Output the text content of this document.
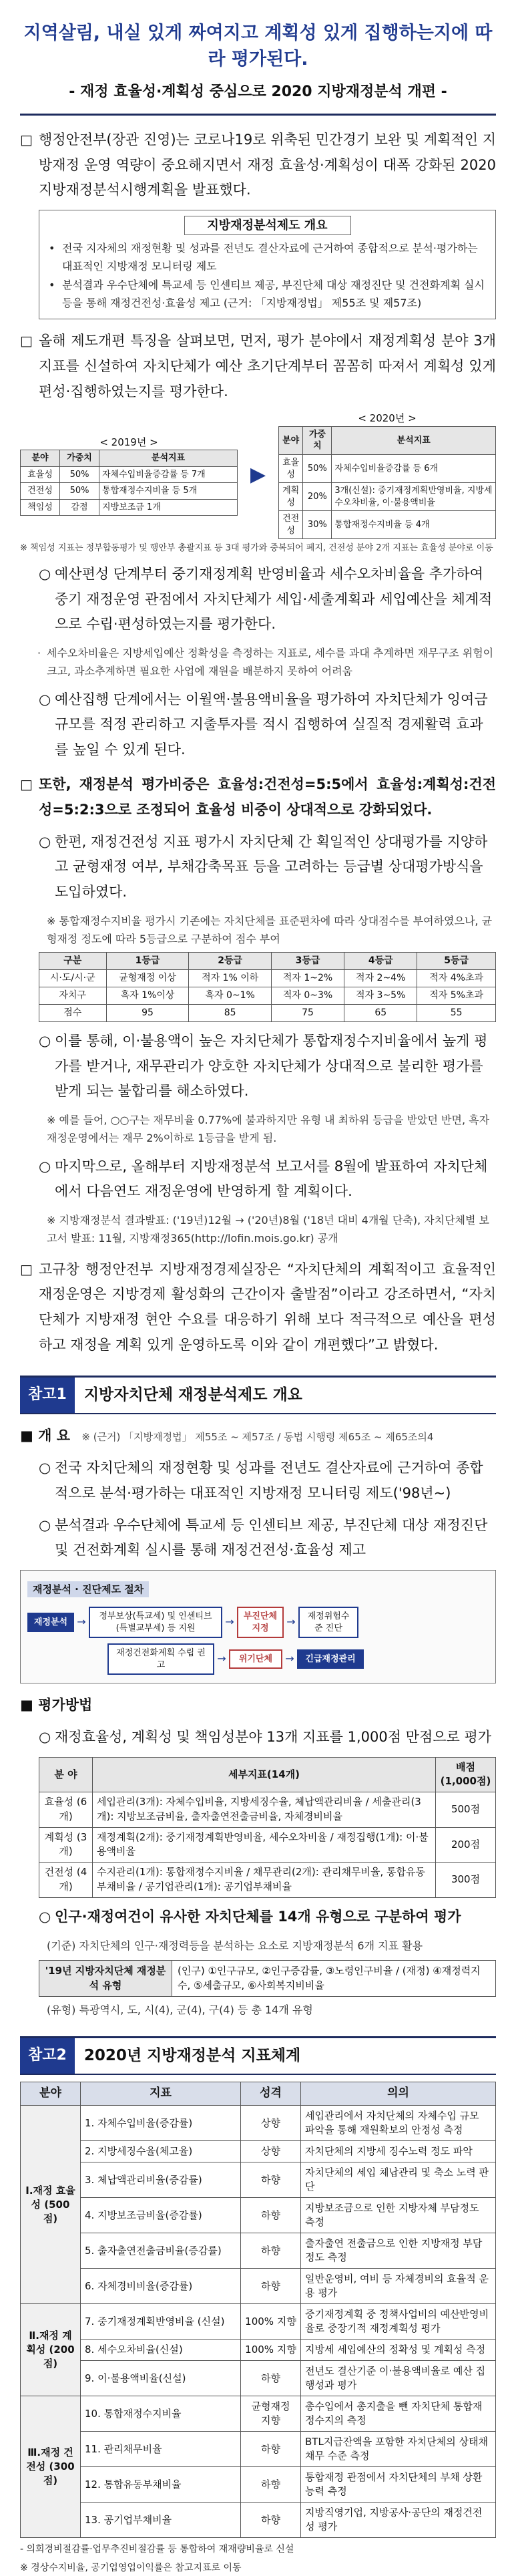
지역살림, 내실 있게 짜여지고 계획성 있게 집행하는지에 따라 평가된다.
- 재정 효율성·계획성 중심으로 2020 지방재정분석 개편 -
□ 행정안전부(장관 진영)는 코로나19로 위축된 민간경기 보완 및 계획적인 지방재정 운영 역량이 중요해지면서 재정 효율성·계획성이 대폭 강화된 2020 지방재정분석시행계획을 발표했다.
지방재정분석제도 개요
• 전국 지자체의 재정현황 및 성과를 전년도 결산자료에 근거하여 종합적으로 분석·평가하는 대표적인 지방재정 모니터링 제도
• 분석결과 우수단체에 특교세 등 인센티브 제공, 부진단체 대상 재정진단 및 건전화계획 실시 등을 통해 재정건전성·효율성 제고 (근거: 「지방재정법」 제55조 및 제57조)
□ 올해 제도개편 특징을 살펴보면, 먼저, 평가 분야에서 재정계획성 분야 3개 지표를 신설하여 자치단체가 예산 초기단계부터 꼼꼼히 따져서 계획성 있게 편성·집행하였는지를 평가한다.
< 2019년 >
분야	가중치	분석지표
효율성	50%	자체수입비율증감률 등 7개
건전성	50%	통합재정수지비율 등 5개
책임성	감점	지방보조금 1개
▶
< 2020년 >
분야	가중치	분석지표
효율성	50%	자체수입비율증감률 등 6개
계획성	20%	3개(신설): 중기재정계획반영비율, 지방세수오차비율, 이·불용액비율
건전성	30%	통합재정수지비율 등 4개
※ 책임성 지표는 정부합동평가 및 행안부 총괄지표 등 3대 평가와 중복되어 폐지, 건전성 분야 2개 지표는 효율성 분야로 이동
○ 예산편성 단계부터 중기재정계획 반영비율과 세수오차비율을 추가하여 중기 재정운영 관점에서 자치단체가 세입·세출계획과 세입예산을 체계적으로 수립·편성하였는지를 평가한다.
· 세수오차비율은 지방세입예산 정확성을 측정하는 지표로, 세수를 과대 추계하면 재무구조 위험이 크고, 과소추계하면 필요한 사업에 재원을 배분하지 못하여 어려움
○ 예산집행 단계에서는 이월액·불용액비율을 평가하여 자치단체가 잉여금 규모를 적정 관리하고 지출투자를 적시 집행하여 실질적 경제활력 효과를 높일 수 있게 된다.
□ 또한, 재정분석 평가비중은 효율성:건전성=5:5에서 효율성:계획성:건전성=5:2:3으로 조정되어 효율성 비중이 상대적으로 강화되었다.
○ 한편, 재정건전성 지표 평가시 자치단체 간 획일적인 상대평가를 지양하고 균형재정 여부, 부채감축목표 등을 고려하는 등급별 상대평가방식을 도입하였다.
※ 통합재정수지비율 평가시 기존에는 자치단체를 표준편차에 따라 상대점수를 부여하였으나, 균형재정 정도에 따라 5등급으로 구분하여 점수 부여
구분	1등급	2등급	3등급	4등급	5등급
시·도/시·군	균형재정 이상	적자 1% 이하	적자 1~2%	적자 2~4%	적자 4%초과
자치구	흑자 1%이상	흑자 0~1%	적자 0~3%	적자 3~5%	적자 5%초과
점수	95	85	75	65	55
○ 이를 통해, 이·불용액이 높은 자치단체가 통합재정수지비율에서 높게 평가를 받거나, 재무관리가 양호한 자치단체가 상대적으로 불리한 평가를 받게 되는 불합리를 해소하였다.
※ 예를 들어, ○○구는 재무비율 0.77%에 불과하지만 유형 내 최하위 등급을 받았던 반면, 흑자 재정운영에서는 재무 2%이하로 1등급을 받게 됨.
○ 마지막으로, 올해부터 지방재정분석 보고서를 8월에 발표하여 자치단체에서 다음연도 재정운영에 반영하게 할 계획이다.
※ 지방재정분석 결과발표: ('19년)12월 → ('20년)8월 ('18년 대비 4개월 단축), 자치단체별 보고서 발표: 11월, 지방재정365(http://lofin.mois.go.kr) 공개
□ 고규창 행정안전부 지방재정경제실장은 “자치단체의 계획적이고 효율적인 재정운영은 지방경제 활성화의 근간이자 출발점”이라고 강조하면서, “자치단체가 지방재정 현안 수요를 대응하기 위해 보다 적극적으로 예산을 편성하고 재정을 계획 있게 운영하도록 이와 같이 개편했다”고 밝혔다.
참고1	지방자치단체 재정분석제도 개요
■ 개 요 ※ (근거) 「지방재정법」 제55조 ~ 제57조 / 동법 시행령 제65조 ~ 제65조의4
○ 전국 자치단체의 재정현황 및 성과를 전년도 결산자료에 근거하여 종합적으로 분석·평가하는 대표적인 지방재정 모니터링 제도('98년~)
○ 분석결과 우수단체에 특교세 등 인센티브 제공, 부진단체 대상 재정진단 및 건전화계획 실시를 통해 재정건전성·효율성 제고
재정분석 · 진단제도 절차
재정분석 →	정부보상(특교세) 및 인센티브(특별교부세) 등 지원	→	부진단체 지정	→	재정위험수준 진단
재정건전화계획 수립 권고	→	위기단체	→	긴급재정관리
■ 평가방법
○ 재정효율성, 계획성 및 책임성분야 13개 지표를 1,000점 만점으로 평가
분 야	세부지표(14개)	배점 (1,000점)
효율성 (6개)	세입관리(3개): 자체수입비율, 지방세징수율, 체납액관리비율 / 세출관리(3개): 지방보조금비율, 출자출연전출금비율, 자체경비비율	500점
계획성 (3개)	재정계획(2개): 중기재정계획반영비율, 세수오차비율 / 재정집행(1개): 이·불용액비율	200점
건전성 (4개)	수지관리(1개): 통합재정수지비율 / 채무관리(2개): 관리채무비율, 통합유동부채비율 / 공기업관리(1개): 공기업부채비율	300점
○ 인구·재정여건이 유사한 자치단체를 14개 유형으로 구분하여 평가
(기준) 자치단체의 인구·재정력등을 분석하는 요소로 지방재정분석 6개 지표 활용
'19년 지방자치단체 재정분석 유형
(인구) ①인구규모, ②인구증감률, ③노령인구비율 / (재정) ④재정력지수, ⑤세출규모, ⑥사회복지비비율
(유형) 특광역시, 도, 시(4), 군(4), 구(4) 등 총 14개 유형
참고2	2020년 지방재정분석 지표체계
분야	지표	성격	의의
Ⅰ.재정 효율성 (500점)	1. 자체수입비율(증감률)	상향	세입관리에서 자치단체의 자체수입 규모 파악을 통해 재원확보의 안정성 측정
	2. 지방세징수율(체고율)	상향	자치단체의 지방세 징수노력 정도 파악
	3. 체납액관리비율(증감률)	하향	자치단체의 세입 체납관리 및 축소 노력 판단
	4. 지방보조금비율(증감률)	하향	지방보조금으로 인한 지방자체 부담정도 측정
	5. 출자출연전출금비율(증감률)	하향	출자출연 전출금으로 인한 지방재정 부담정도 측정
	6. 자체경비비율(증감률)	하향	일반운영비, 여비 등 자체경비의 효율적 운용 평가
Ⅱ.재정 계획성 (200점)	7. 중기재정계획반영비율 (신설)	100% 지향	중기재정계획 중 정책사업비의 예산반영비율로 중장기적 재정계획성 평가
	8. 세수오차비율(신설)	100% 지향	지방세 세입예산의 정확성 및 계획성 측정
	9. 이·불용액비율(신설)	하향	전년도 결산기준 이·불용액비율로 예산 집행성과 평가
Ⅲ.재정 건전성 (300점)	10. 통합재정수지비율	균형재정 지향	총수입에서 총지출을 뺀 자치단체 통합재정수지의 측정
	11. 관리채무비율	하향	BTL지급잔액을 포함한 자치단체의 상태채 채무 수준 측정
	12. 통합유동부채비율	하향	통합재정 관점에서 자치단체의 부채 상환능력 측정
	13. 공기업부채비율	하향	지방직영기업, 지방공사·공단의 재정건전성 평가
- 의회경비절감률·업무추진비절감률 등 통합하여 재재량비율로 신설
※ 경상수지비율, 공기업영업이익률은 참고지표로 이동
